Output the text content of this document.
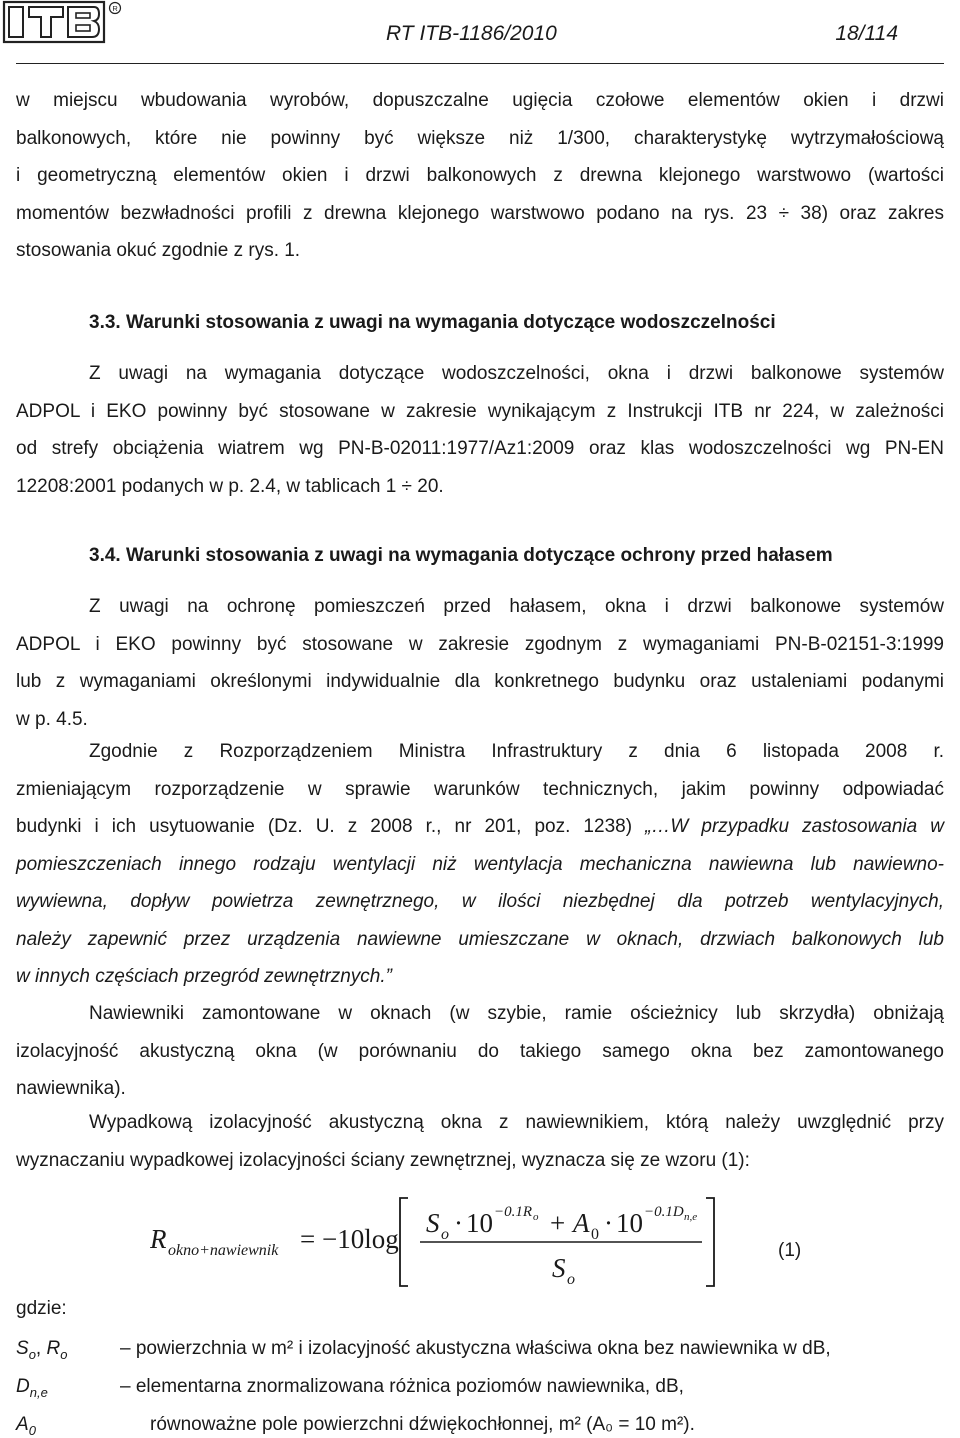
R
RT ITB-1186/2010	18/114
w miejscu wbudowania wyrobów, dopuszczalne ugięcia czołowe elementów okien i drzwi
balkonowych, które nie powinny być większe niż 1/300, charakterystykę wytrzymałościową
i geometryczną elementów okien i drzwi balkonowych z drewna klejonego warstwowo (wartości
momentów bezwładności profili z drewna klejonego warstwowo podano na rys. 23 ÷ 38) oraz zakres
stosowania okuć zgodnie z rys. 1.
3.3. Warunki stosowania z uwagi na wymagania dotyczące wodoszczelności
Z uwagi na wymagania dotyczące wodoszczelności, okna i drzwi balkonowe systemów
ADPOL i EKO powinny być stosowane w zakresie wynikającym z Instrukcji ITB nr 224, w zależności
od strefy obciążenia wiatrem wg PN-B-02011:1977/Az1:2009 oraz klas wodoszczelności wg PN-EN
12208:2001 podanych w p. 2.4, w tablicach 1 ÷ 20.
3.4. Warunki stosowania z uwagi na wymagania dotyczące ochrony przed hałasem
Z uwagi na ochronę pomieszczeń przed hałasem, okna i drzwi balkonowe systemów
ADPOL i EKO powinny być stosowane w zakresie zgodnym z wymaganiami PN-B-02151-3:1999
lub z wymaganiami określonymi indywidualnie dla konkretnego budynku oraz ustaleniami podanymi
w p. 4.5.
Zgodnie z Rozporządzeniem Ministra Infrastruktury z dnia 6 listopada 2008 r.
zmieniającym rozporządzenie w sprawie warunków technicznych, jakim powinny odpowiadać
budynki i ich usytuowanie (Dz. U. z 2008 r., nr 201, poz. 1238) „…W przypadku zastosowania w
pomieszczeniach innego rodzaju wentylacji niż wentylacja mechaniczna nawiewna lub nawiewno-
wywiewna, dopływ powietrza zewnętrznego, w ilości niezbędnej dla potrzeb wentylacyjnych,
należy zapewnić przez urządzenia nawiewne umieszczane w oknach, drzwiach balkonowych lub
w innych częściach przegród zewnętrznych.”
Nawiewniki zamontowane w oknach (w szybie, ramie ościeżnicy lub skrzydła) obniżają
izolacyjność akustyczną okna (w porównaniu do takiego samego okna bez zamontowanego
nawiewnika).
Wypadkową izolacyjność akustyczną okna z nawiewnikiem, którą należy uwzględnić przy
wyznaczaniu wypadkowej izolacyjności ściany zewnętrznej, wyznacza się ze wzoru (1):
R okno+nawiewnik = −10log
S o · 10 −0.1R o + A 0 · 10 −0.1D n,e
S o
(1)
gdzie:
$S_o$, $R_o$	– powierzchnia w m² i izolacyjność akustyczna właściwa okna bez nawiewnika w dB,
$D_{n,e}$	– elementarna znormalizowana różnica poziomów nawiewnika, dB,
$A_0$	równoważne pole powierzchni dźwiękochłonnej, m² (A₀ = 10 m²).
